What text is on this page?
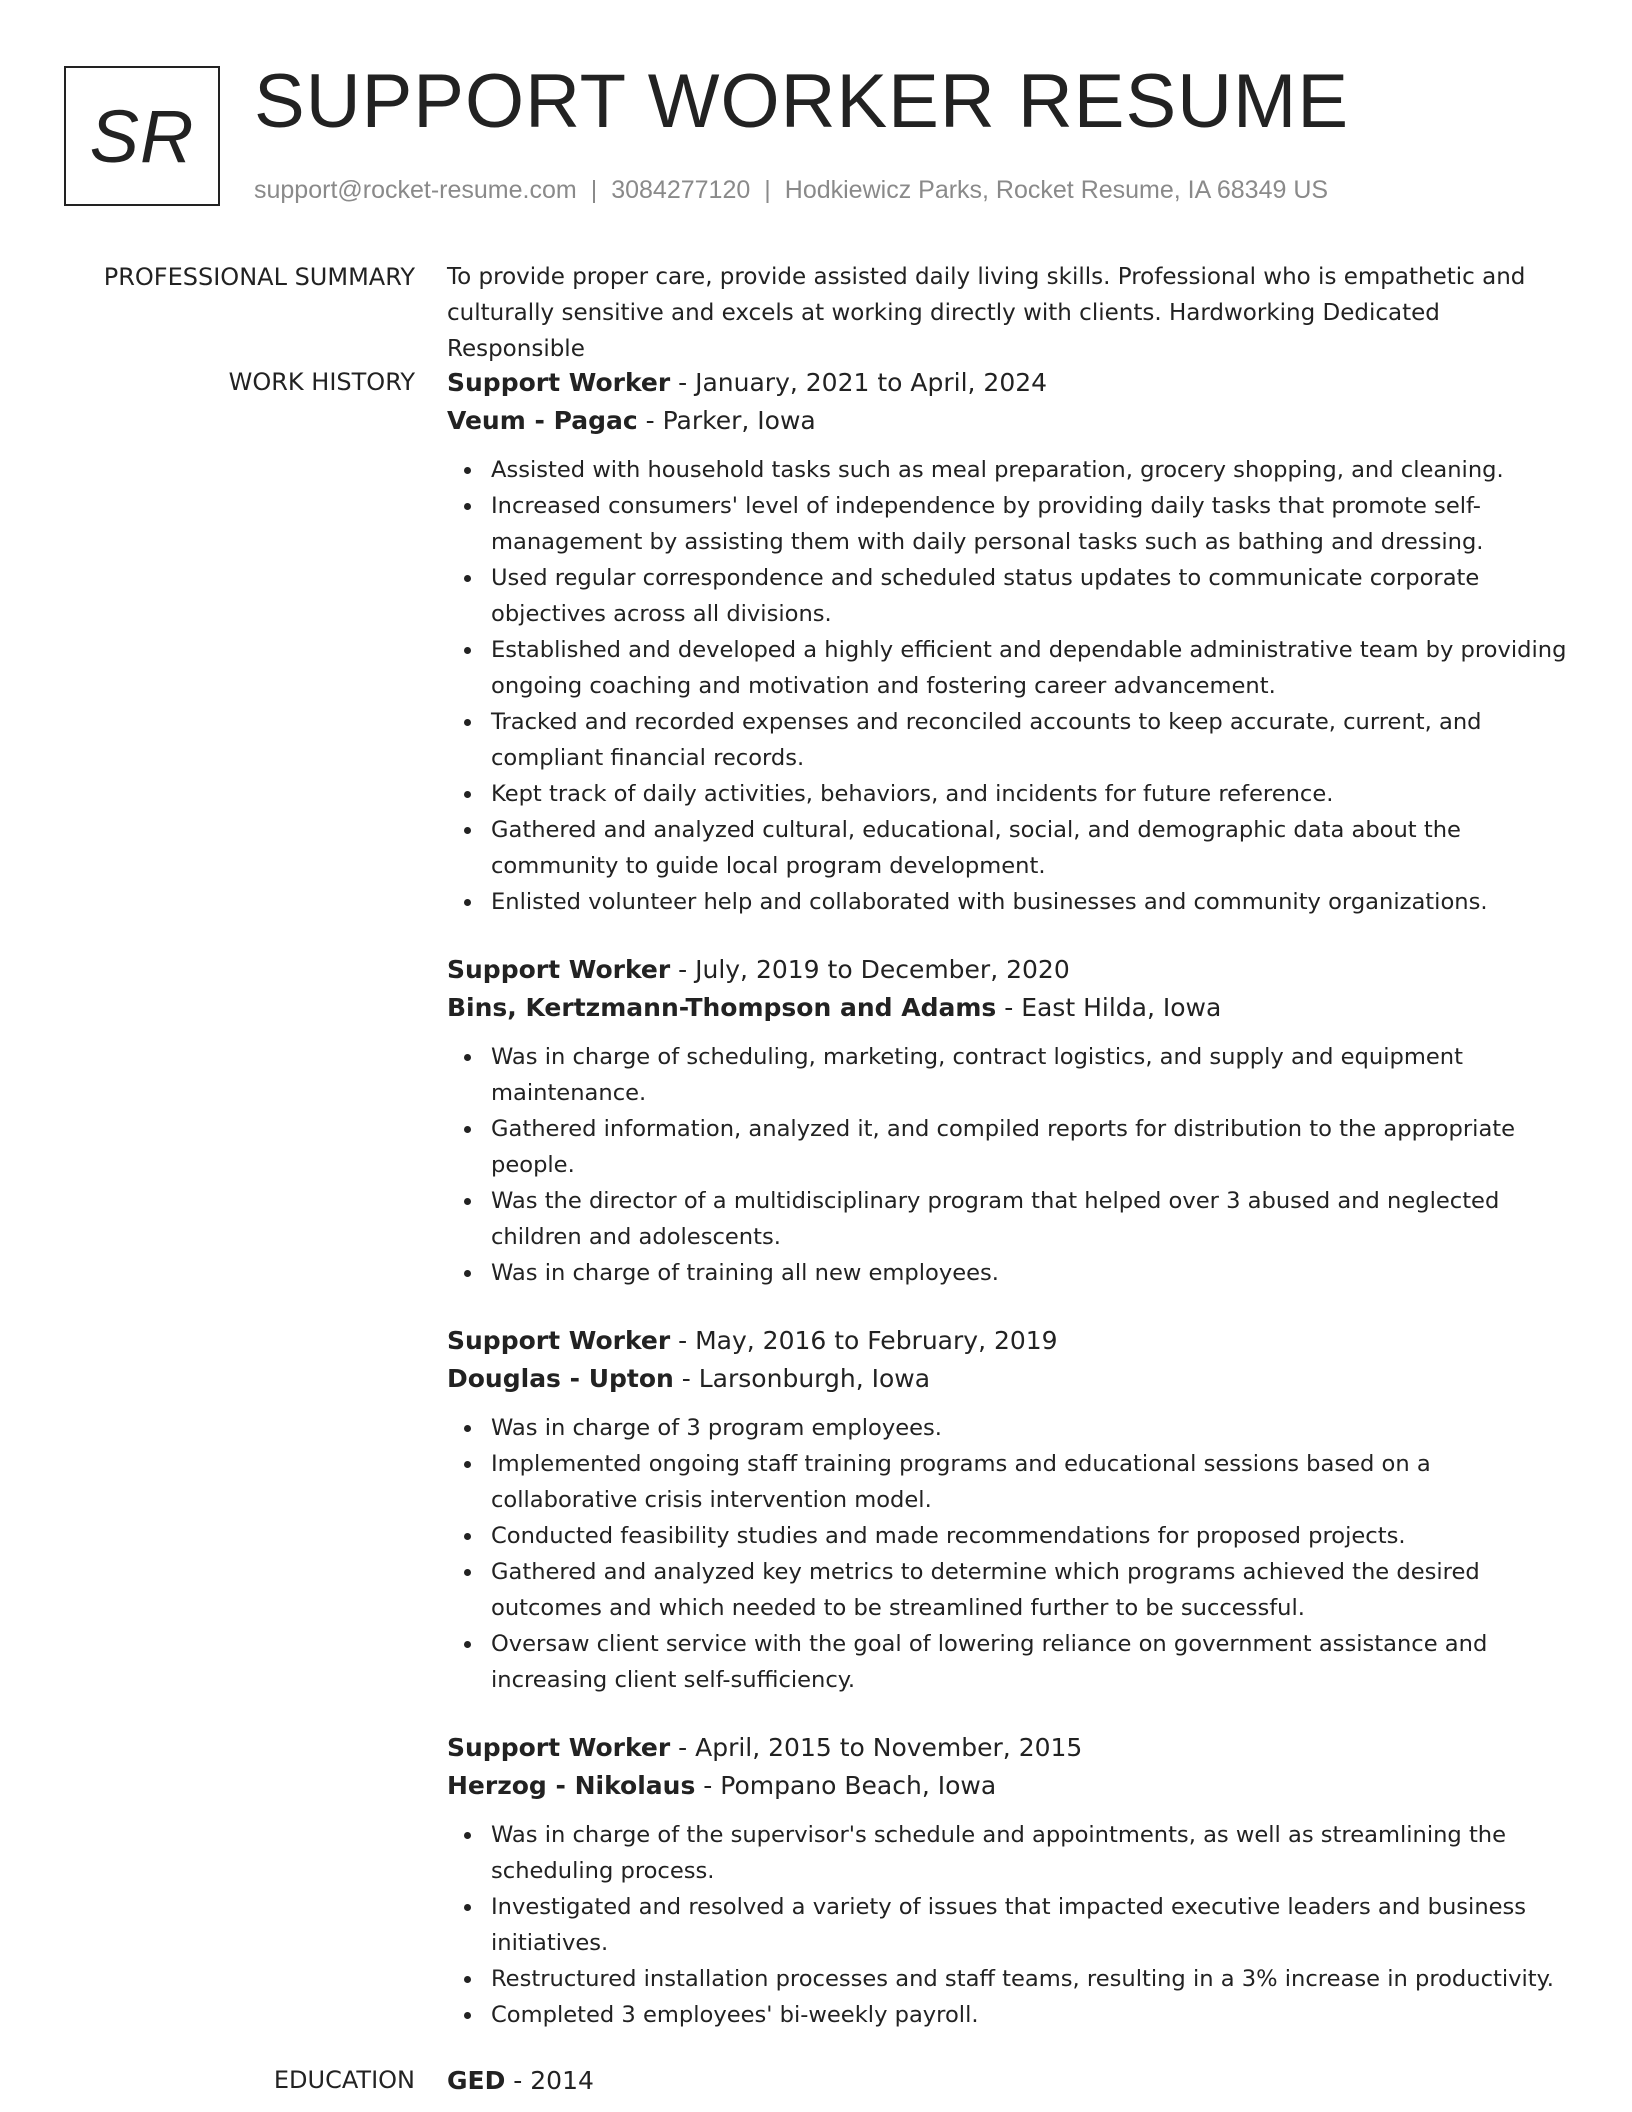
SR SUPPORT WORKER RESUME
support@rocket-resume.com | 3084277120 | Hodkiewicz Parks, Rocket Resume, IA 68349 US
PROFESSIONAL SUMMARY To provide proper care, provide assisted daily living skills. Professional who is empathetic and culturally sensitive and excels at working directly with clients. Hardworking Dedicated Responsible

WORK HISTORY Support Worker - January, 2021 to April, 2024
Veum - Pagac - Parker, Iowa
Assisted with household tasks such as meal preparation, grocery shopping, and cleaning.
Increased consumers' level of independence by providing daily tasks that promote self-management by assisting them with daily personal tasks such as bathing and dressing.
Used regular correspondence and scheduled status updates to communicate corporate objectives across all divisions.
Established and developed a highly efficient and dependable administrative team by providing ongoing coaching and motivation and fostering career advancement.
Tracked and recorded expenses and reconciled accounts to keep accurate, current, and compliant financial records.
Kept track of daily activities, behaviors, and incidents for future reference.
Gathered and analyzed cultural, educational, social, and demographic data about the community to guide local program development.
Enlisted volunteer help and collaborated with businesses and community organizations.
Support Worker - July, 2019 to December, 2020
Bins, Kertzmann-Thompson and Adams - East Hilda, Iowa
Was in charge of scheduling, marketing, contract logistics, and supply and equipment maintenance.
Gathered information, analyzed it, and compiled reports for distribution to the appropriate people.
Was the director of a multidisciplinary program that helped over 3 abused and neglected children and adolescents.
Was in charge of training all new employees.
Support Worker - May, 2016 to February, 2019
Douglas - Upton - Larsonburgh, Iowa
Was in charge of 3 program employees.
Implemented ongoing staff training programs and educational sessions based on a collaborative crisis intervention model.
Conducted feasibility studies and made recommendations for proposed projects.
Gathered and analyzed key metrics to determine which programs achieved the desired outcomes and which needed to be streamlined further to be successful.
Oversaw client service with the goal of lowering reliance on government assistance and increasing client self-sufficiency.
Support Worker - April, 2015 to November, 2015
Herzog - Nikolaus - Pompano Beach, Iowa
Was in charge of the supervisor's schedule and appointments, as well as streamlining the scheduling process.
Investigated and resolved a variety of issues that impacted executive leaders and business initiatives.
Restructured installation processes and staff teams, resulting in a 3% increase in productivity.
Completed 3 employees' bi-weekly payroll.
EDUCATION GED - 2014
